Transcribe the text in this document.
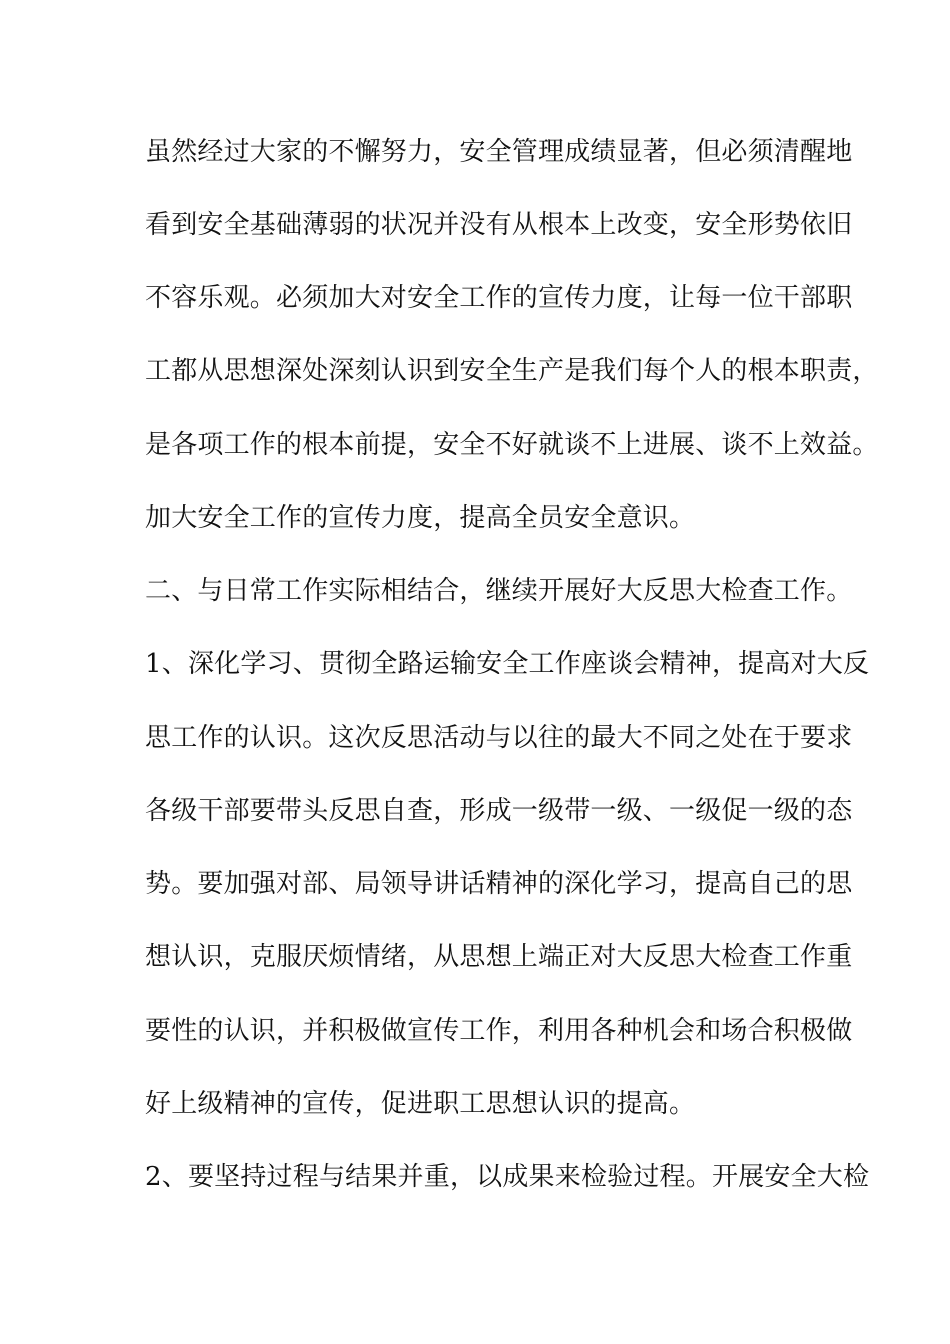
虽然经过大家的不懈努力，安全管理成绩显著，但必须清醒地
看到安全基础薄弱的状况并没有从根本上改变，安全形势依旧
不容乐观。必须加大对安全工作的宣传力度，让每一位干部职
工都从思想深处深刻认识到安全生产是我们每个人的根本职责，
是各项工作的根本前提，安全不好就谈不上进展、谈不上效益。
加大安全工作的宣传力度，提高全员安全意识。
二、与日常工作实际相结合，继续开展好大反思大检查工作。
1、深化学习、贯彻全路运输安全工作座谈会精神，提高对大反
思工作的认识。这次反思活动与以往的最大不同之处在于要求
各级干部要带头反思自查，形成一级带一级、一级促一级的态
势。要加强对部、局领导讲话精神的深化学习，提高自己的思
想认识，克服厌烦情绪，从思想上端正对大反思大检查工作重
要性的认识，并积极做宣传工作，利用各种机会和场合积极做
好上级精神的宣传，促进职工思想认识的提高。
2、要坚持过程与结果并重，以成果来检验过程。开展安全大检
